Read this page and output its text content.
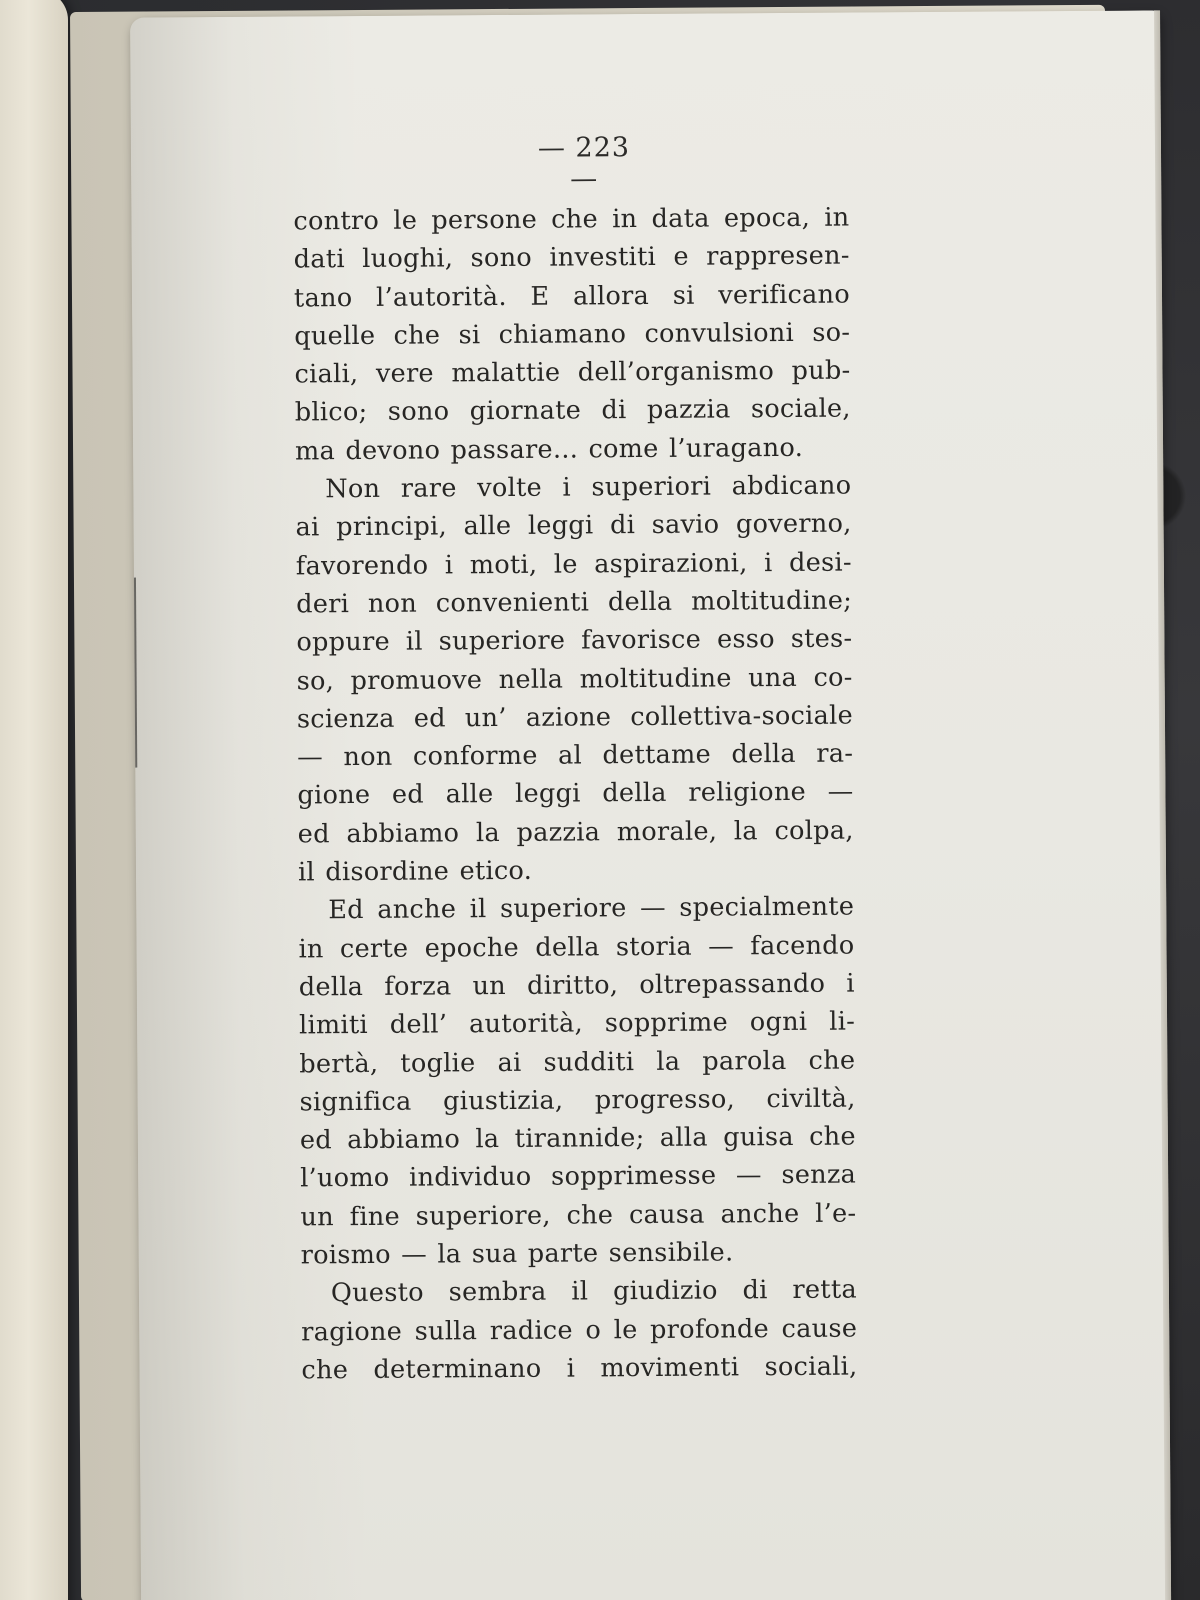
— 223 —
contro le persone che in data epoca, in
dati luoghi, sono investiti e rappresen-
tano l’autorità. E allora si verificano
quelle che si chiamano convulsioni so-
ciali, vere malattie dell’organismo pub-
blico; sono giornate di pazzia sociale,
ma devono passare... come l’uragano.
Non rare volte i superiori abdicano
ai principi, alle leggi di savio governo,
favorendo i moti, le aspirazioni, i desi-
deri non convenienti della moltitudine;
oppure il superiore favorisce esso stes-
so, promuove nella moltitudine una co-
scienza ed un’ azione collettiva-sociale
— non conforme al dettame della ra-
gione ed alle leggi della religione —
ed abbiamo la pazzia morale, la colpa,
il disordine etico.
Ed anche il superiore — specialmente
in certe epoche della storia — facendo
della forza un diritto, oltrepassando i
limiti dell’ autorità, sopprime ogni li-
bertà, toglie ai sudditi la parola che
significa giustizia, progresso, civiltà,
ed abbiamo la tirannide; alla guisa che
l’uomo individuo sopprimesse — senza
un fine superiore, che causa anche l’e-
roismo — la sua parte sensibile.
Questo sembra il giudizio di retta
ragione sulla radice o le profonde cause
che determinano i movimenti sociali,
